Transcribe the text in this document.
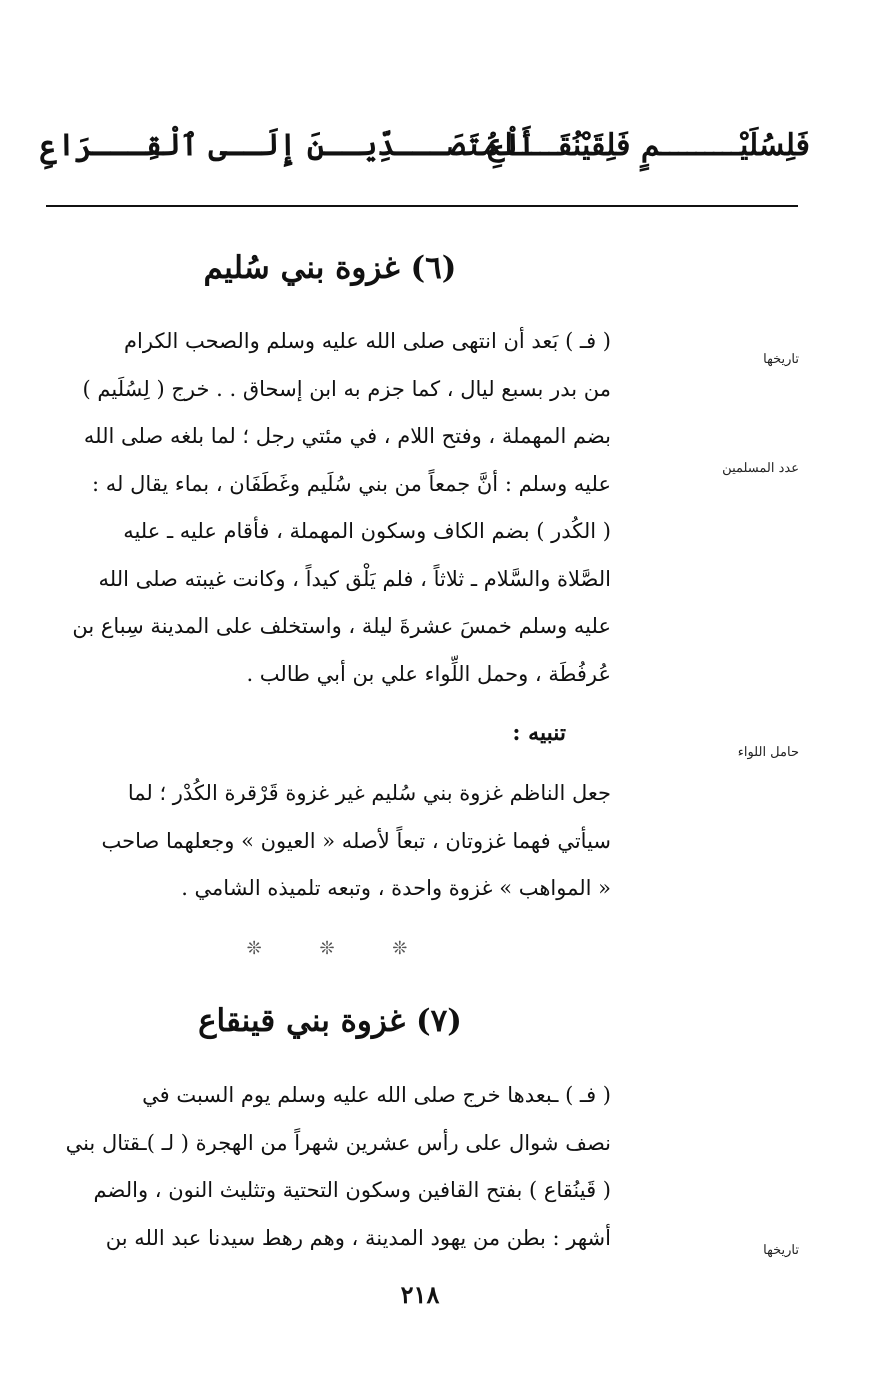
فَلِسُلَيْـــــــــمٍ فَلِقَيْنُقَـــــاعِ
أَلْمُتَصَـــدِّيــنَ إِلَــى ٱلْقِـــرَاعِ
(٦) غزوة بني سُليم
تاريخها
عدد المسلمين
حامل اللواء
تاريخها

( فـ ) بَعد أن انتهى صلى الله عليه وسلم والصحب الكرام

من بدر بسبع ليال ، كما جزم به ابن إسحاق . . خرج ( لِسُلَيم )

بضم المهملة ، وفتح اللام ، في مئتي رجل ؛ لما بلغه صلى الله

عليه وسلم : أنَّ جمعاً من بني سُلَيم وغَطَفَان ، بماء يقال له :

( الكُدر ) بضم الكاف وسكون المهملة ، فأقام عليه ـ عليه

الصَّلاة والسَّلام ـ ثلاثاً ، فلم يَلْق كيداً ، وكانت غيبته صلى الله

عليه وسلم خمسَ عشرةَ ليلة ، واستخلف على المدينة سِباع بن

عُرفُطَة ، وحمل اللِّواء علي بن أبي طالب .

تنبيه :

جعل الناظم غزوة بني سُليم غير غزوة قَرْقرة الكُدْر ؛ لما

سيأتي فهما غزوتان ، تبعاً لأصله « العيون » وجعلهما صاحب

« المواهب » غزوة واحدة ، وتبعه تلميذه الشامي .

❊ ❊ ❊
(٧) غزوة بني قينقاع

( فـ ) ـبعدها خرج صلى الله عليه وسلم يوم السبت في

نصف شوال على رأس عشرين شهراً من الهجرة ( لـ )ـقتال بني

( قَينُقاع ) بفتح القافين وسكون التحتية وتثليث النون ، والضم

أشهر : بطن من يهود المدينة ، وهم رهط سيدنا عبد الله بن

٢١٨
